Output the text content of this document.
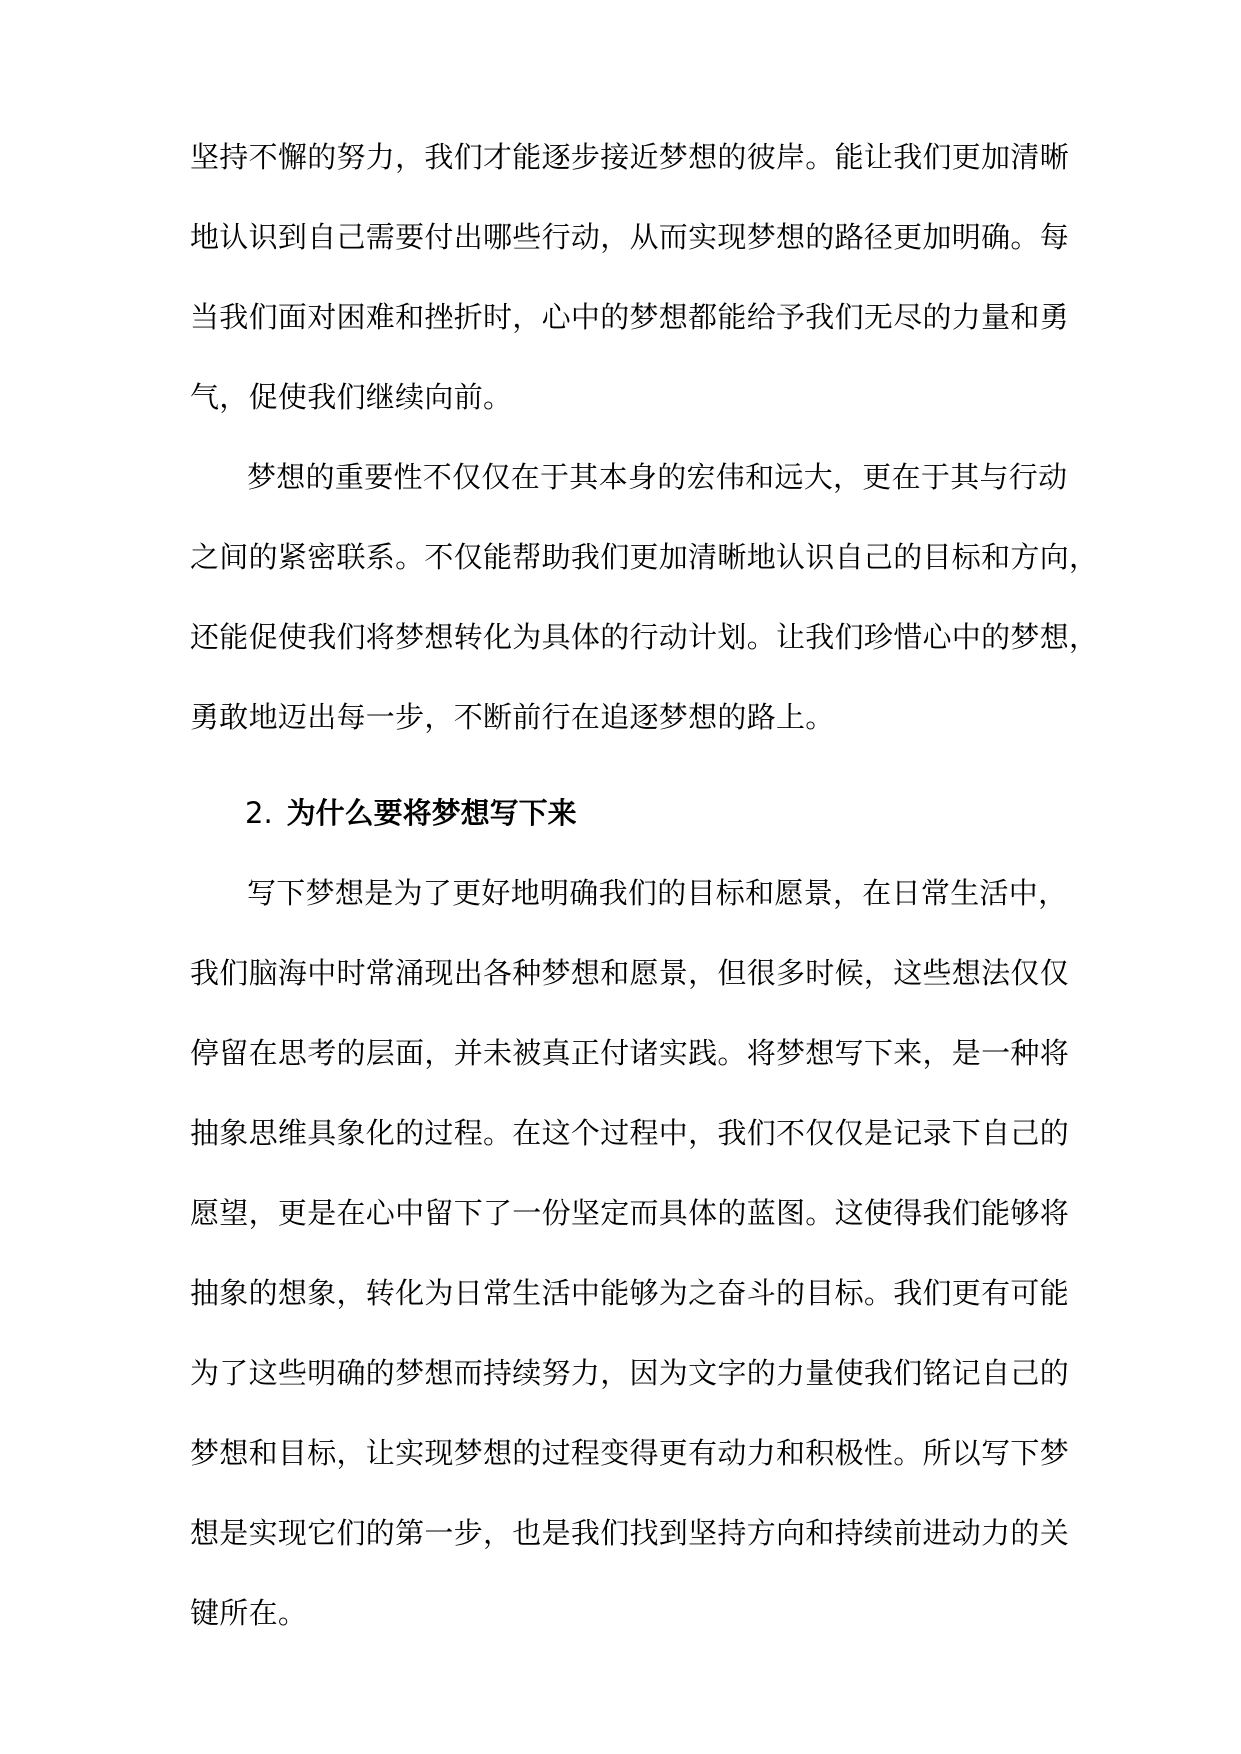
坚持不懈的努力，我们才能逐步接近梦想的彼岸。能让我们更加清晰
地认识到自己需要付出哪些行动，从而实现梦想的路径更加明确。每
当我们面对困难和挫折时，心中的梦想都能给予我们无尽的力量和勇
气，促使我们继续向前。
梦想的重要性不仅仅在于其本身的宏伟和远大，更在于其与行动
之间的紧密联系。不仅能帮助我们更加清晰地认识自己的目标和方向，
还能促使我们将梦想转化为具体的行动计划。让我们珍惜心中的梦想，
勇敢地迈出每一步，不断前行在追逐梦想的路上。
2. 为什么要将梦想写下来
写下梦想是为了更好地明确我们的目标和愿景，在日常生活中，
我们脑海中时常涌现出各种梦想和愿景，但很多时候，这些想法仅仅
停留在思考的层面，并未被真正付诸实践。将梦想写下来，是一种将
抽象思维具象化的过程。在这个过程中，我们不仅仅是记录下自己的
愿望，更是在心中留下了一份坚定而具体的蓝图。这使得我们能够将
抽象的想象，转化为日常生活中能够为之奋斗的目标。我们更有可能
为了这些明确的梦想而持续努力，因为文字的力量使我们铭记自己的
梦想和目标，让实现梦想的过程变得更有动力和积极性。所以写下梦
想是实现它们的第一步，也是我们找到坚持方向和持续前进动力的关
键所在。
